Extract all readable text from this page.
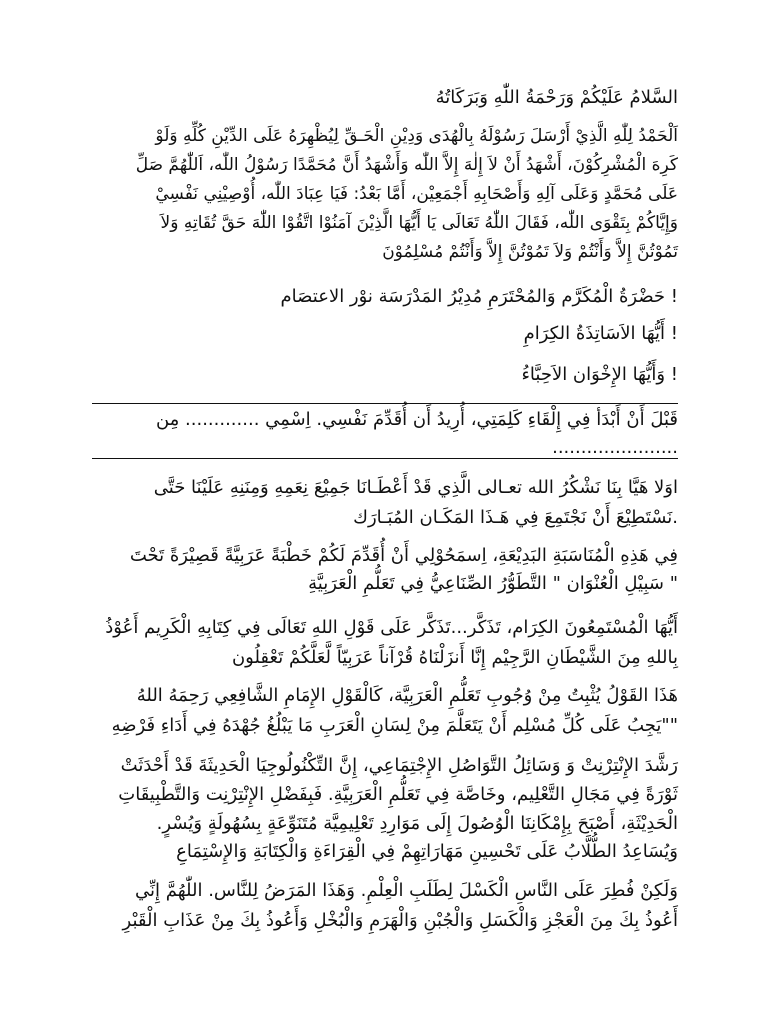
السَّلامُ عَلَيْكُمْ وَرَحْمَةُ اللّٰهِ وَبَرَكَاتُهُ
اَلْحَمْدُ لِلّٰهِ الَّذِيْ أَرْسَلَ رَسُوْلَهُ بِالْهُدَى وَدِيْنِ الْحَـقِّ لِيُظْهِرَهُ عَلَى الدِّيْنِ كُلِّهِ وَلَوْ
كَرِهَ الْمُشْرِكُوْنَ، أَشْهَدُ أَنْ لاَ إِلٰهَ إِلاَّ اللّٰه وَأَشْهَدُ أَنَّ مُحَمَّدًا رَسُوْلُ اللّٰه، اَللّٰهُمَّ صَلِّ
عَلَى مُحَمَّدٍ وَعَلَى آلِهِ وَأَصْحَابِهِ أَجْمَعِيْن، أَمَّا بَعْدُ: فَيَا عِبَادَ اللّٰه، أُوْصِيْنِي نَفْسِيْ
وَإِيَّاكُمْ بِتَقْوَى اللّٰه، فَقَالَ اللّٰهُ تَعَالَى يَا أَيُّهَا الَّذِيْنَ آمَنُوْا اتَّقُوْا اللّٰهَ حَقَّ تُقَاتِهِ وَلاَ
تَمُوْتُنَّ إِلاَّ وَأَنْتُمْ وَلاَ تَمُوْتُنَّ إِلاَّ وَأَنْتُمْ مُسْلِمُوْنَ
! حَضْرَةُ الْمُكَرَّم وَالمُحْتَرَمِ مُدِيْرُ المَدْرَسَة نوْر الاعتصَام
! أَيُّهَا الاَسَاتِذَةُ الكِرَامِ
! وَأَيُّهَا الإِخْوَان الاَحِبَّاءُ
قَبْلَ أَنْ أَبْدَأ فِي إِلْقَاءِ كَلِمَتِي، أُرِيدُ أَن أُقَدِّمَ نَفْسِي. اِسْمِي ............. مِن
......................
اوَلا هَيَّا بِنَا نَشْكُرُ الله تعـالى الَّذِي قَدْ أَعْطَـانَا جَمِيْعَ نِعَمِهِ وَمِنَنِهِ عَلَيْنَا حَتَّى
.نَسْتَطِيْعَ أَنْ نَجْتَمِعَ فِي هَـذَا المَكَـان المُبَـارَك
فِي هَذِهِ الْمُنَاسَبَةِ البَدِيْعَةِ، اِسمَحُوْلِي أَنْ أُقَدِّمَ لَكُمْ خَطْبَةً عَرَبِيَّةً قَصِيْرَةً تَحْتَ
" سَبِيْلِ الْعُنْوَان " التَّطَوُّرُ الصِّنَاعِيُّ فِي تَعَلُّمِ الْعَرَبِيَّةِ
أَيُّهَا الْمُسْتَمِعُونَ الكِرَام، تَذَكَّر...تَذَكَّر عَلَى قَوْلِ اللهِ تَعَالَى فِي كِتَابِهِ الْكَرِيم أَعُوْذُ
بِاللهِ مِنَ الشَّيْطَانِ الرَّجِيْم إِنَّا أَنزَلْنَاهُ قُرْآناً عَرَبِيّاً لَّعَلَّكُمْ تَعْقِلُون
هَذَا القَوْلُ يُثْبِتُ مِنْ وُجُوبِ تَعَلُّمِ الْعَرَبِيَّة، كَالْقَوْلِ الإِمَامِ الشَّافِعِي رَحِمَهُ اللهُ
""يَجِبُ عَلَى كُلِّ مُسْلِم أَنْ يَتَعَلَّمَ مِنْ لِسَانِ الْعَرَبِ مَا يَبْلُغُ جُهْدَهُ فِي أَدَاءِ فَرْضِهِ
رَشَّدَ الإِنْتِرْنِتْ وَ وَسَائِلُ التَّوَاصُلِ الإِجْتِمَاعِي، إِنَّ التِّكْنُولُوجِيَا الْحَدِيثَةَ قَدْ أَحْدَثَتْ
ثَوْرَةً فِي مَجَالِ التَّعْلِيم، وخَاصَّة فِي تَعَلُّمِ الْعَرَبِيَّةِ. فَبِفَضْلِ الإِنْتِرْنِت وَالتَّطْبِيقَاتِ
الْحَدِيْثَةِ، أَصْبَحَ بِإِمْكَانِنَا الْوُصُولَ إِلَى مَوَارِدِ تَعْلِيمِيَّة مُتَنَوِّعَةٍ بِسُهُولَةٍ وَيُسْرٍ.
وَيُسَاعِدُ الطُّلَّابُ عَلَى تَحْسِينِ مَهَارَاتِهِمْ فِي الْقِرَاءَةِ وَالْكِتَابَةِ وَالإِسْتِمَاعِ
وَلَكِنْ فُطِرَ عَلَى النَّاسِ الْكَسْلَ لِطَلَبِ الْعِلْمِ. وَهَذَا المَرَضُ لِلنَّاس. اللّٰهُمَّ إِنِّي
أَعُوذُ بِكَ مِنَ الْعَجْزِ وَالْكَسَلِ وَالْجُبْنِ وَالْهَرَمِ وَالْبُخْلِ وَأَعُوذُ بِكَ مِنْ عَذَابِ الْقَبْرِ
